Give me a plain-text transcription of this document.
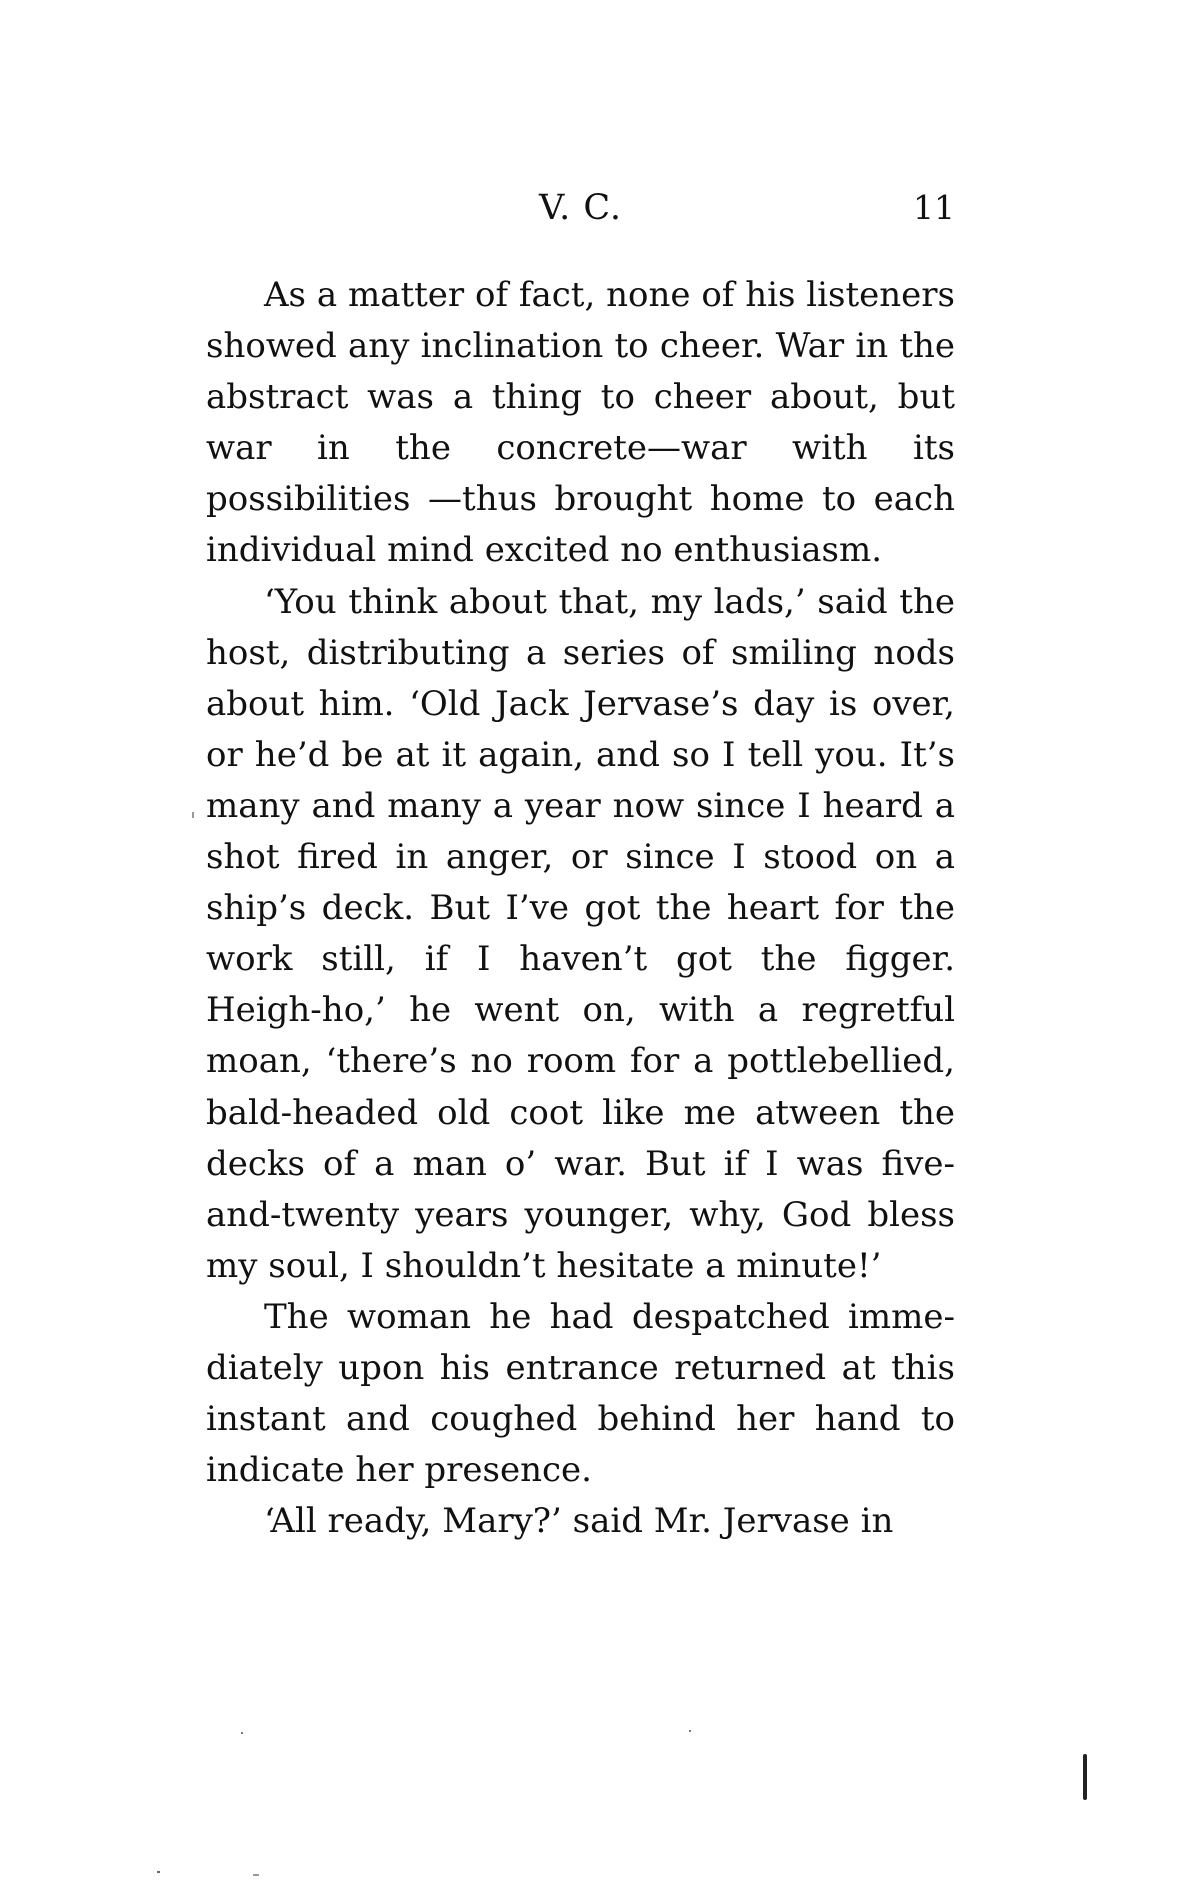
V. C.	11

As a matter of fact, none of his listeners showed any inclination to cheer. War in the abstract was a thing to cheer about, but war in the concrete—war with its possibilities —thus brought home to each individual mind excited no enthusiasm.

‘You think about that, my lads,’ said the host, distributing a series of smiling nods about him. ‘Old Jack Jervase’s day is over, or he’d be at it again, and so I tell you. It’s many and many a year now since I heard a shot fired in anger, or since I stood on a ship’s deck. But I’ve got the heart for the work still, if I haven’t got the figger. Heigh-ho,’ he went on, with a regretful moan, ‘there’s no room for a pottlebellied, bald-headed old coot like me atween the decks of a man o’ war. But if I was five-and-twenty years younger, why, God bless my soul, I shouldn’t hesitate a minute!’

The woman he had despatched immediately upon his entrance returned at this instant and coughed behind her hand to indicate her presence.

‘All ready, Mary?’ said Mr. Jervase in
